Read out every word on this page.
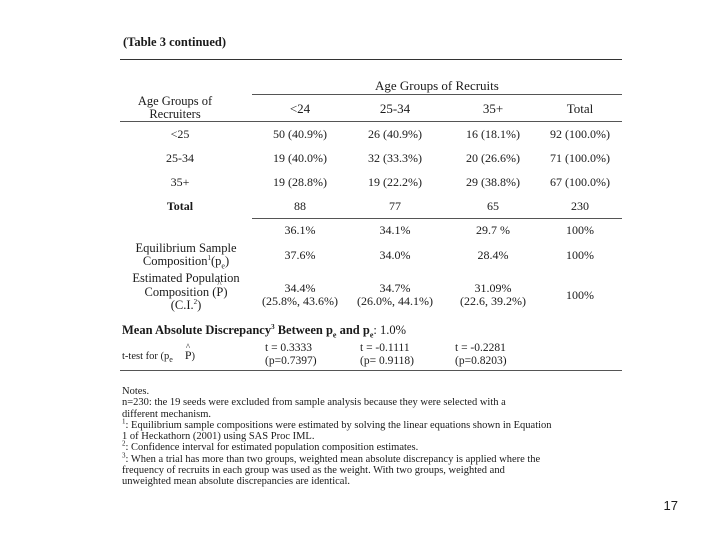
(Table 3 continued)
Age Groups of Recruits
Age Groups of
Recruiters	<24	25-34	35+	Total
<25	50 (40.9%)	26 (40.9%)	16 (18.1%)	92 (100.0%)
25-34	19 (40.0%)	32 (33.3%)	20 (26.6%)	71 (100.0%)
35+	19 (28.8%)	19 (22.2%)	29 (38.8%)	67 (100.0%)
Total	88	77	65	230
36.1%	34.1%	29.7 %	100%
Equilibrium Sample
$Composition^1(p_e)$	37.6%	34.0%	28.4%	100%
Estimated Population
Composition (^ P)
(C.I.$^2$)
34.4%
(25.8%, 43.6%)
34.7%
(26.0%, 44.1%)
31.09%
(22.6, 39.2%)	100%
Mean Absolute Discrepancy$^3$ Between $p_e$ and $p_e$: 1.0%
t-test for ($p_e\^{}$ P)
t = 0.3333
(p=0.7397)
t = -0.1111
(p= 0.9118)
t = -0.2281
(p=0.8203)
Notes.
n=230: the 19 seeds were excluded from sample analysis because they were selected with a
different mechanism.
$^1$: Equilibrium sample compositions were estimated by solving the linear equations shown in Equation
1 of Heckathorn (2001) using SAS Proc IML.
$^2$: Confidence interval for estimated population composition estimates.
$^3$: When a trial has more than two groups, weighted mean absolute discrepancy is applied where the
frequency of recruits in each group was used as the weight. With two groups, weighted and
unweighted mean absolute discrepancies are identical.
17
